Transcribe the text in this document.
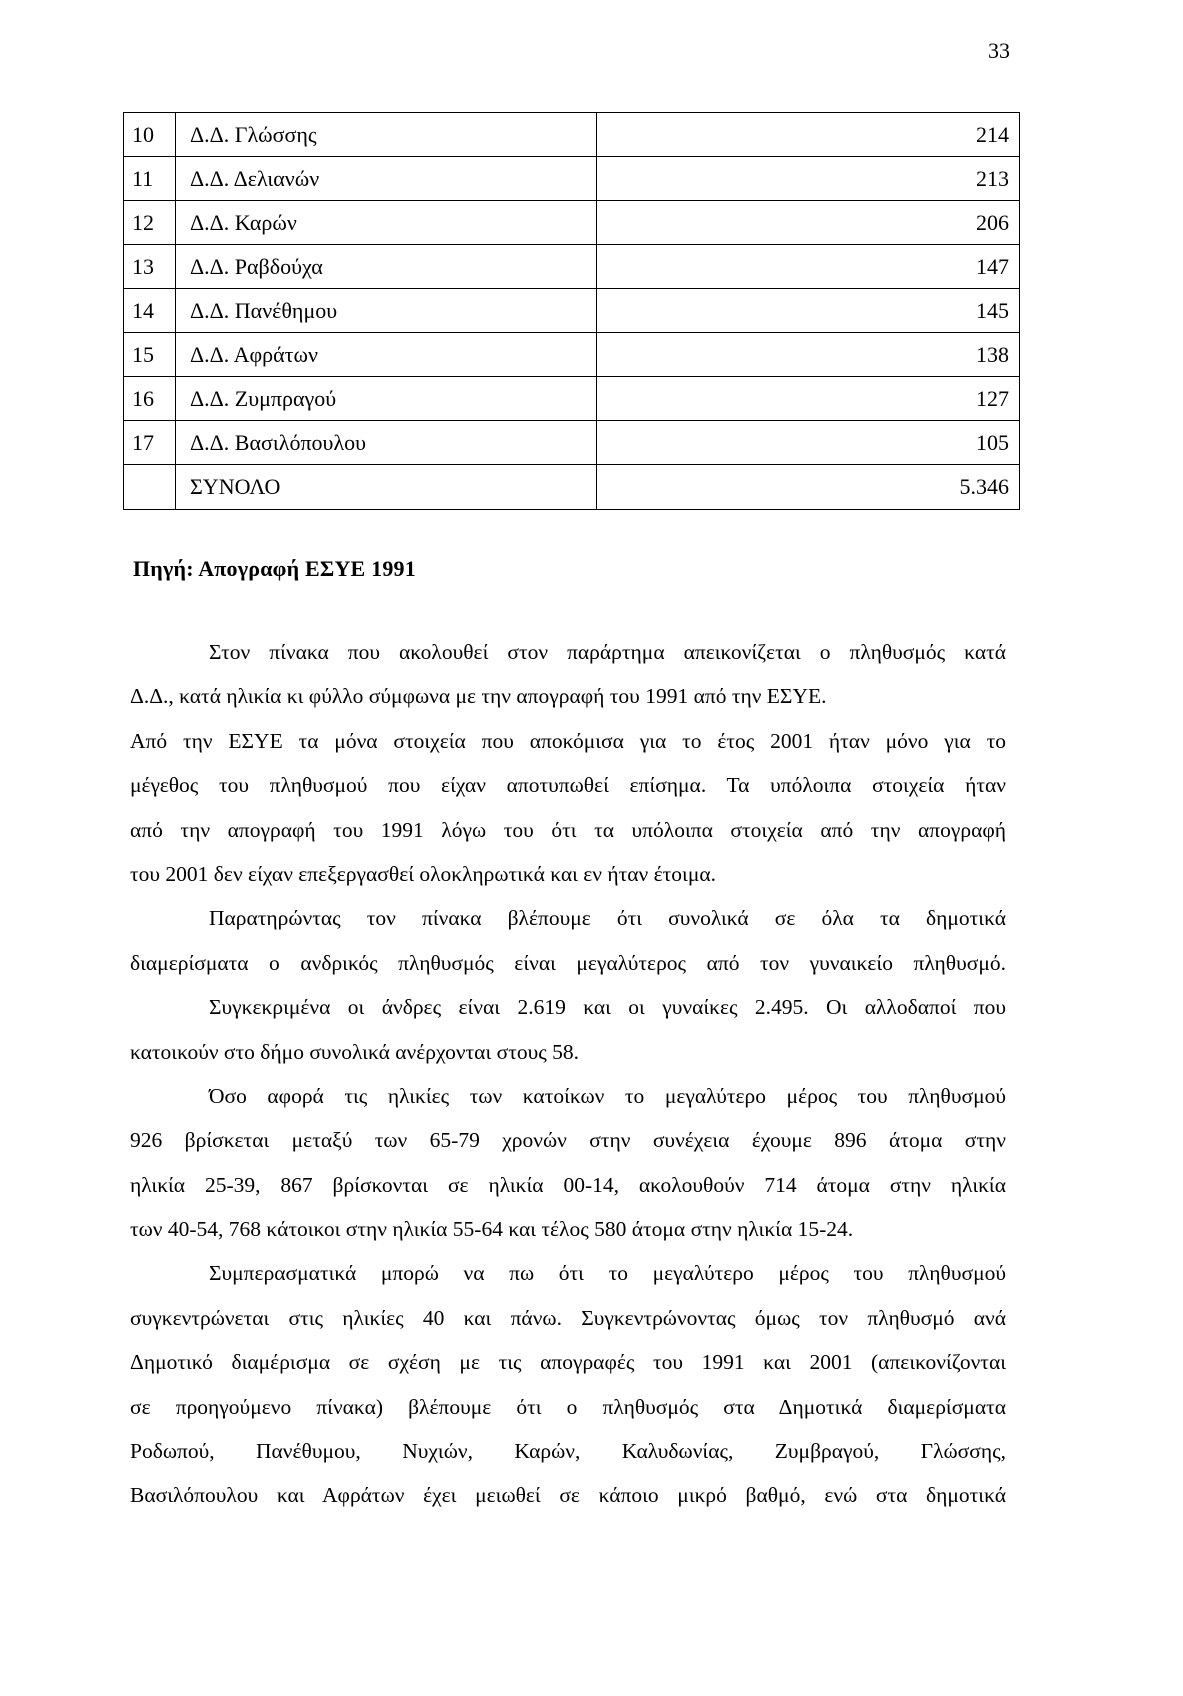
33
10	Δ.Δ. Γλώσσης	214
11	Δ.Δ. Δελιανών	213
12	Δ.Δ. Καρών	206
13	Δ.Δ. Ραβδούχα	147
14	Δ.Δ. Πανέθημου	145
15	Δ.Δ. Αφράτων	138
16	Δ.Δ. Ζυμπραγού	127
17	Δ.Δ. Βασιλόπουλου	105
	ΣΥΝΟΛΟ	5.346
Πηγή: Απογραφή ΕΣΥΕ 1991
Στον πίνακα που ακολουθεί στον παράρτημα απεικονίζεται ο πληθυσμός κατά
Δ.Δ., κατά ηλικία κι φύλλο σύμφωνα με την απογραφή του 1991 από την ΕΣΥΕ.
Από την ΕΣΥΕ τα μόνα στοιχεία που αποκόμισα για το έτος 2001 ήταν μόνο για το
μέγεθος του πληθυσμού που είχαν αποτυπωθεί επίσημα. Τα υπόλοιπα στοιχεία ήταν
από την απογραφή του 1991 λόγω του ότι τα υπόλοιπα στοιχεία από την απογραφή
του 2001 δεν είχαν επεξεργασθεί ολοκληρωτικά και εν ήταν έτοιμα.
Παρατηρώντας τον πίνακα βλέπουμε ότι συνολικά σε όλα τα δημοτικά
διαμερίσματα ο ανδρικός πληθυσμός είναι μεγαλύτερος από τον γυναικείο πληθυσμό.
Συγκεκριμένα οι άνδρες είναι 2.619 και οι γυναίκες 2.495. Οι αλλοδαποί που
κατοικούν στο δήμο συνολικά ανέρχονται στους 58.
Όσο αφορά τις ηλικίες των κατοίκων το μεγαλύτερο μέρος του πληθυσμού
926 βρίσκεται μεταξύ των 65-79 χρονών στην συνέχεια έχουμε 896 άτομα στην
ηλικία 25-39, 867 βρίσκονται σε ηλικία 00-14, ακολουθούν 714 άτομα στην ηλικία
των 40-54, 768 κάτοικοι στην ηλικία 55-64 και τέλος 580 άτομα στην ηλικία 15-24.
Συμπερασματικά μπορώ να πω ότι το μεγαλύτερο μέρος του πληθυσμού
συγκεντρώνεται στις ηλικίες 40 και πάνω. Συγκεντρώνοντας όμως τον πληθυσμό ανά
Δημοτικό διαμέρισμα σε σχέση με τις απογραφές του 1991 και 2001 (απεικονίζονται
σε προηγούμενο πίνακα) βλέπουμε ότι ο πληθυσμός στα Δημοτικά διαμερίσματα
Ροδωπού, Πανέθυμου, Νυχιών, Καρών, Καλυδωνίας, Ζυμβραγού, Γλώσσης,
Βασιλόπουλου και Αφράτων έχει μειωθεί σε κάποιο μικρό βαθμό, ενώ στα δημοτικά
